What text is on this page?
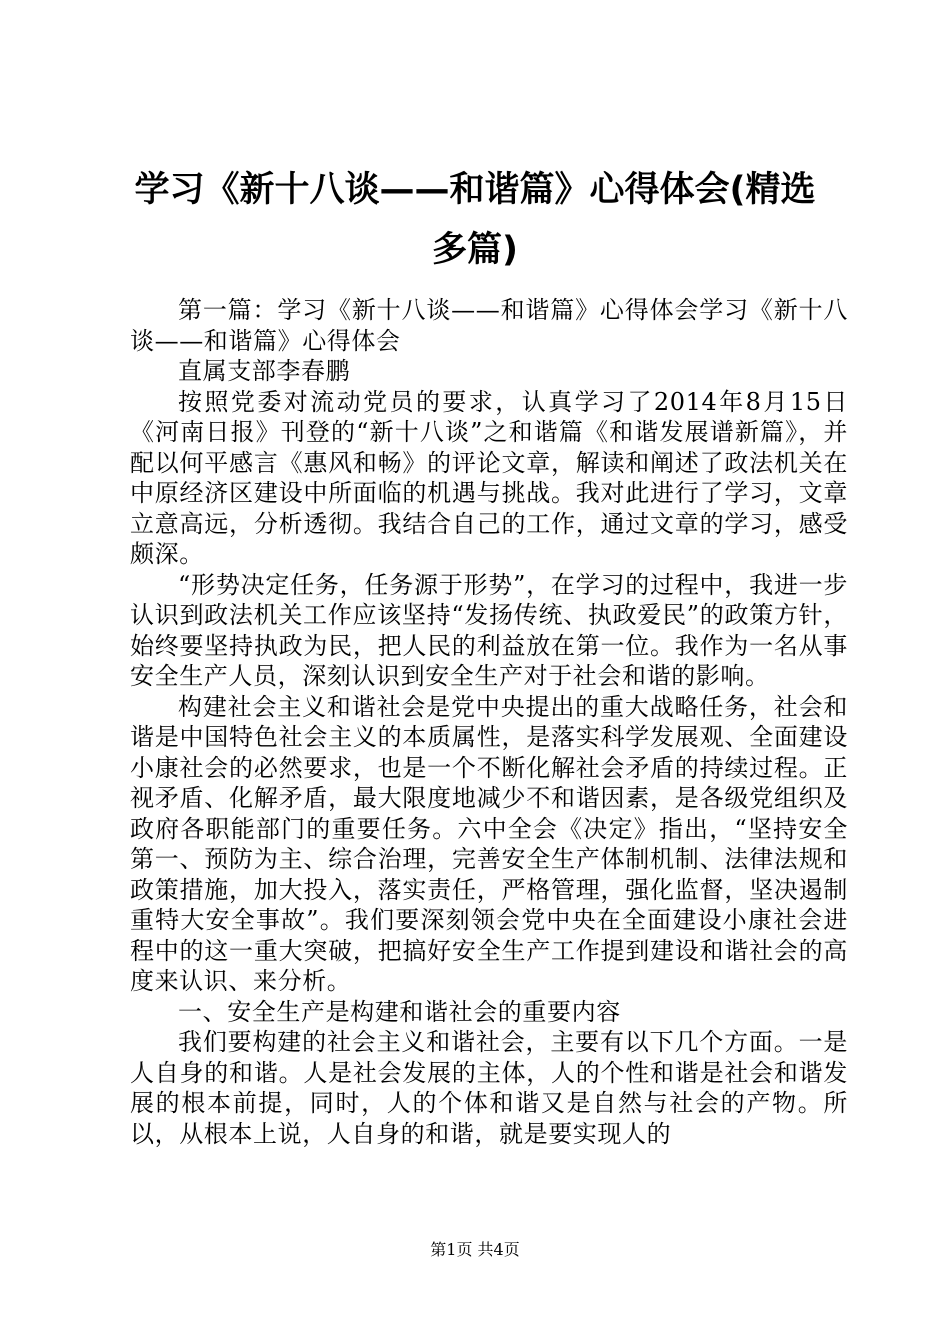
学习《新十八谈——和谐篇》心得体会(精选
多篇)

第一篇：学习《新十八谈——和谐篇》心得体会学习《新十八谈——和谐篇》心得体会

直属支部李春鹏

按照党委对流动党员的要求，认真学习了2014年8月15日《河南日报》刊登的“新十八谈”之和谐篇《和谐发展谱新篇》，并配以何平感言《惠风和畅》的评论文章，解读和阐述了政法机关在中原经济区建设中所面临的机遇与挑战。我对此进行了学习，文章立意高远，分析透彻。我结合自己的工作，通过文章的学习，感受颇深。

“形势决定任务，任务源于形势”，在学习的过程中，我进一步认识到政法机关工作应该坚持“发扬传统、执政爱民”的政策方针，始终要坚持执政为民，把人民的利益放在第一位。我作为一名从事安全生产人员，深刻认识到安全生产对于社会和谐的影响。

构建社会主义和谐社会是党中央提出的重大战略任务，社会和谐是中国特色社会主义的本质属性，是落实科学发展观、全面建设小康社会的必然要求，也是一个不断化解社会矛盾的持续过程。正视矛盾、化解矛盾，最大限度地减少不和谐因素，是各级党组织及政府各职能部门的重要任务。六中全会《决定》指出，“坚持安全第一、预防为主、综合治理，完善安全生产体制机制、法律法规和政策措施，加大投入，落实责任，严格管理，强化监督，坚决遏制重特大安全事故”。我们要深刻领会党中央在全面建设小康社会进程中的这一重大突破，把搞好安全生产工作提到建设和谐社会的高度来认识、来分析。

一、安全生产是构建和谐社会的重要内容

我们要构建的社会主义和谐社会，主要有以下几个方面。一是人自身的和谐。人是社会发展的主体，人的个性和谐是社会和谐发展的根本前提，同时，人的个体和谐又是自然与社会的产物。所以，从根本上说，人自身的和谐，就是要实现人的

第1页 共4页
